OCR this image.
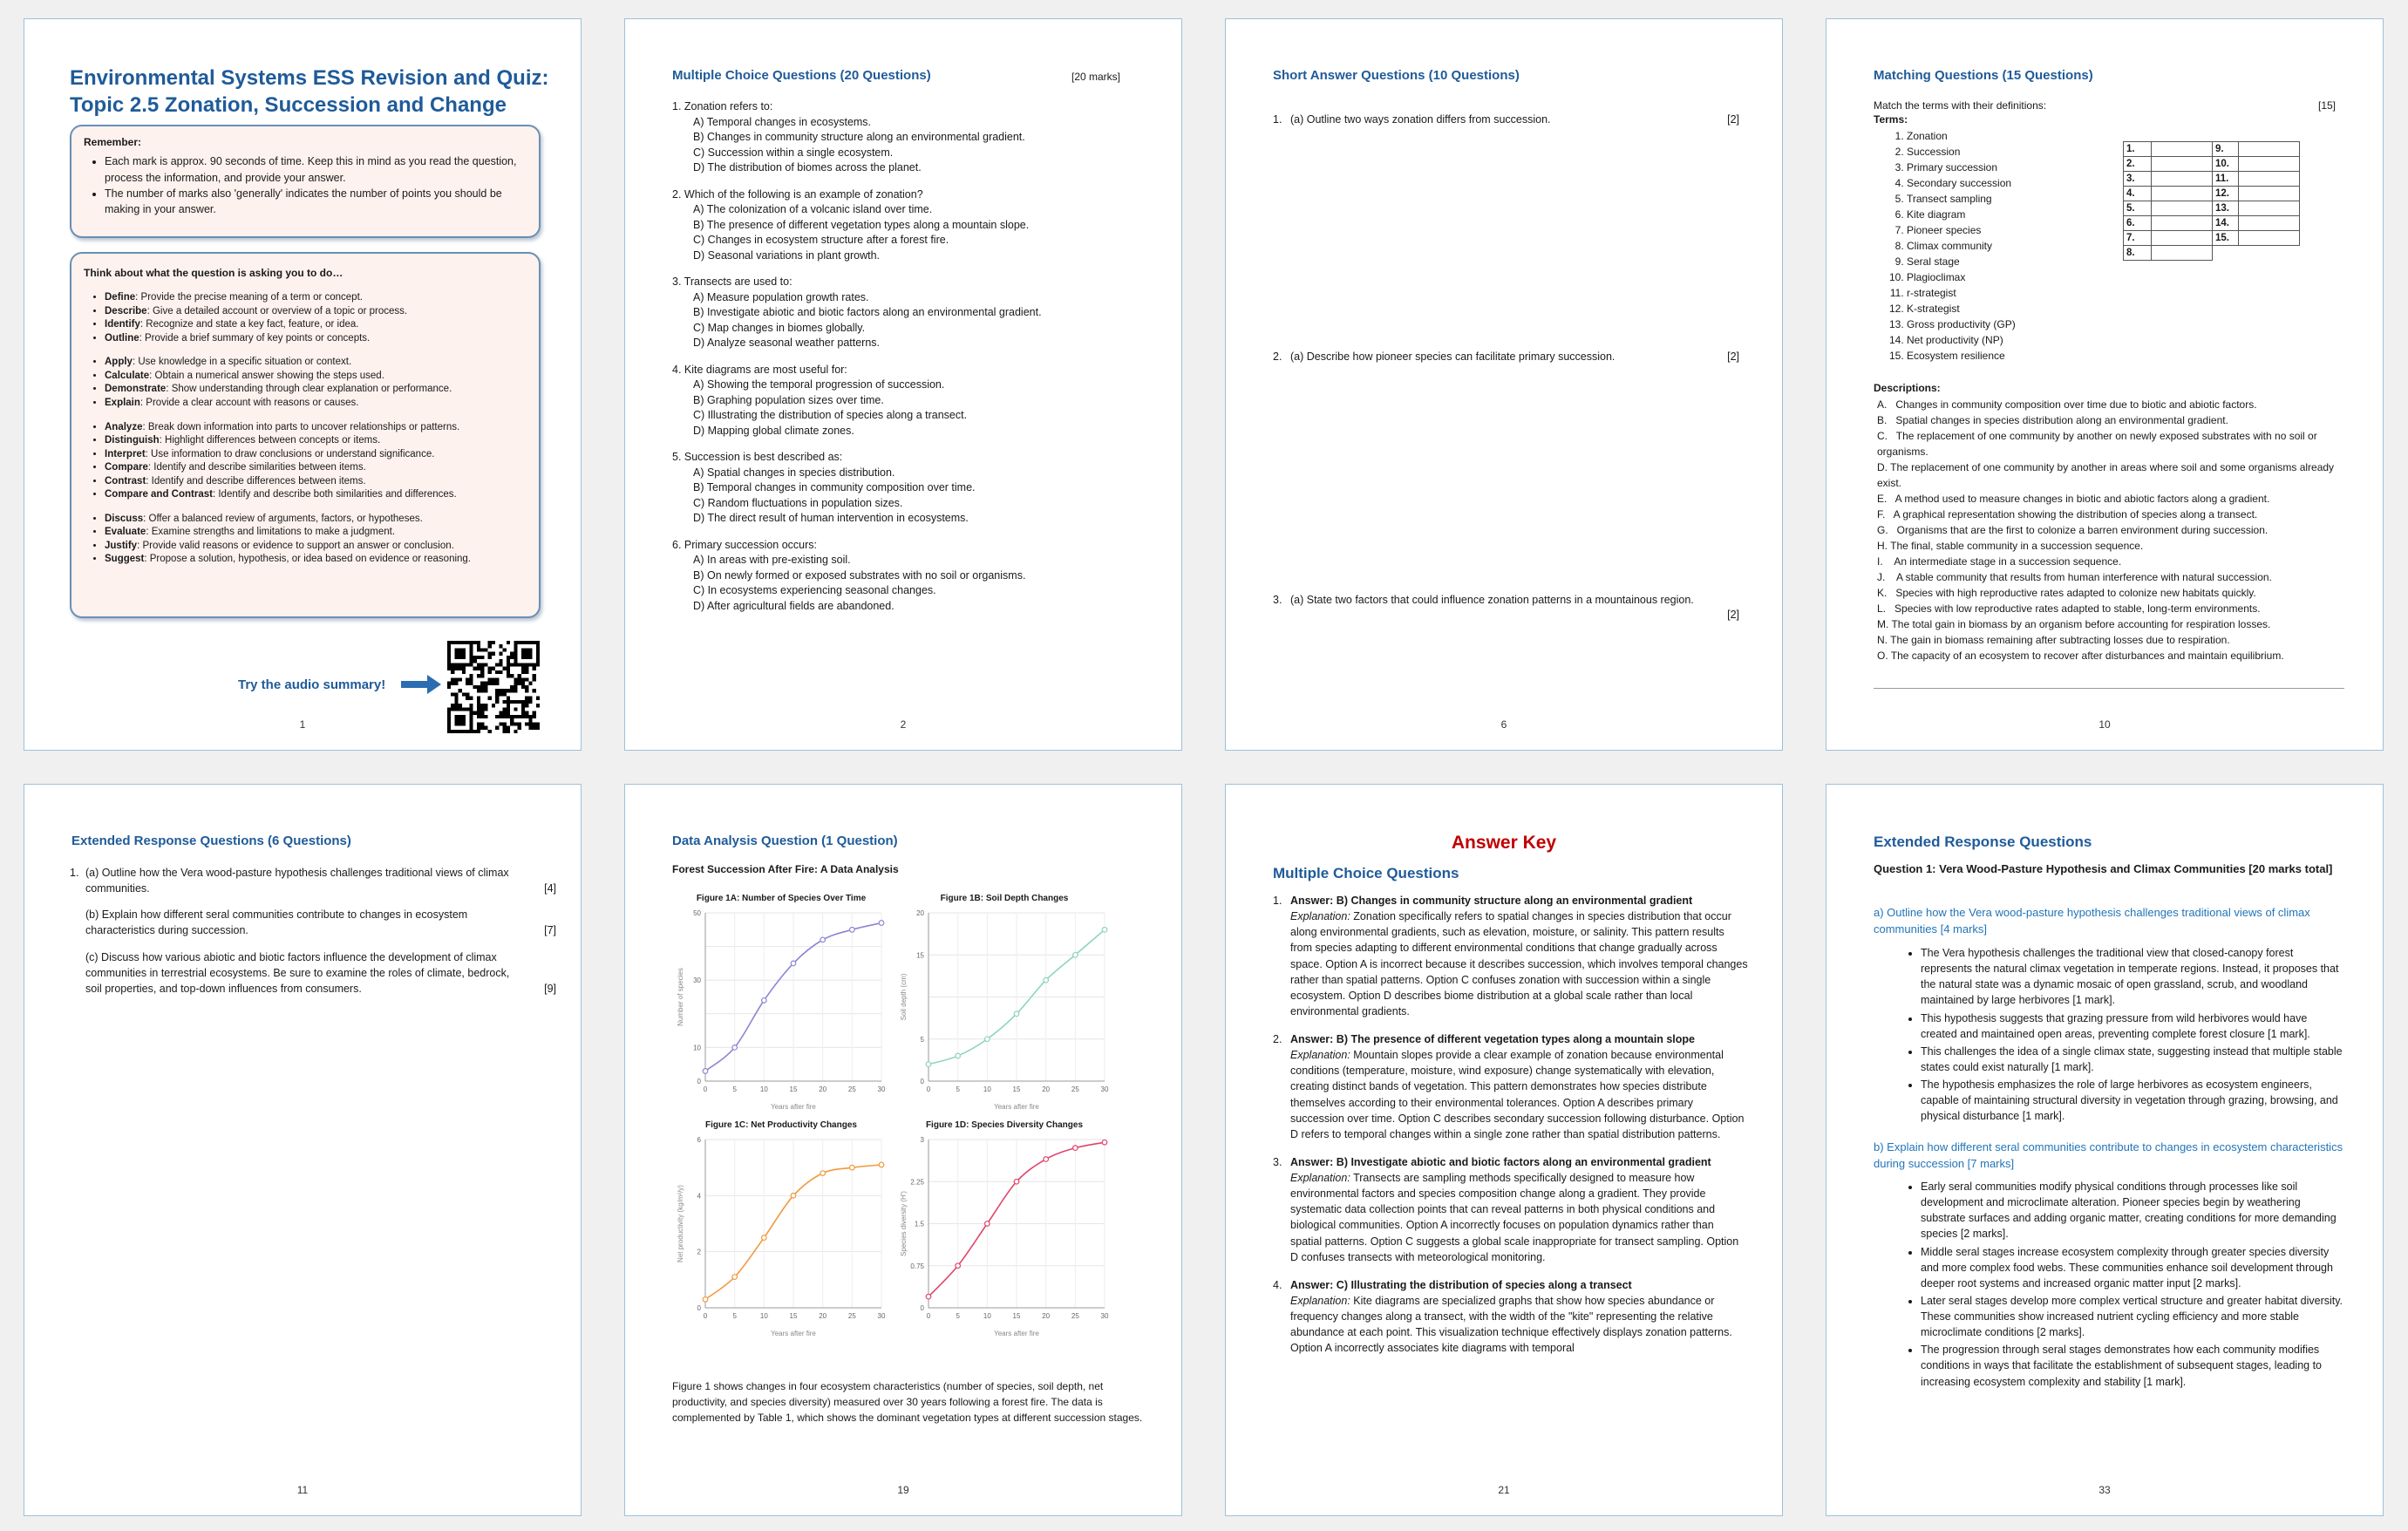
Environmental Systems ESS Revision and Quiz:
Topic 2.5 Zonation, Succession and Change
Remember:
• Each mark is approx. 90 seconds of time. Keep this in mind as you read the question, process the information, and provide your answer.
• The number of marks also 'generally' indicates the number of points you should be making in your answer.
Think about what the question is asking you to do…
• Define: Provide the precise meaning of a term or concept.
• Describe: Give a detailed account or overview of a topic or process.
• Identify: Recognize and state a key fact, feature, or idea.
• Outline: Provide a brief summary of key points or concepts.
• Apply: Use knowledge in a specific situation or context.
• Calculate: Obtain a numerical answer showing the steps used.
• Demonstrate: Show understanding through clear explanation or performance.
• Explain: Provide a clear account with reasons or causes.
• Analyze: Break down information into parts to uncover relationships or patterns.
• Distinguish: Highlight differences between concepts or items.
• Interpret: Use information to draw conclusions or understand significance.
• Compare: Identify and describe similarities between items.
• Contrast: Identify and describe differences between items.
• Compare and Contrast: Identify and describe both similarities and differences.
• Discuss: Offer a balanced review of arguments, factors, or hypotheses.
• Evaluate: Examine strengths and limitations to make a judgment.
• Justify: Provide valid reasons or evidence to support an answer or conclusion.
• Suggest: Propose a solution, hypothesis, or idea based on evidence or reasoning.
Try the audio summary!
1
Multiple Choice Questions (20 Questions)	[20 marks]
1. Zonation refers to:
A) Temporal changes in ecosystems.
B) Changes in community structure along an environmental gradient.
C) Succession within a single ecosystem.
D) The distribution of biomes across the planet.
2. Which of the following is an example of zonation?
A) The colonization of a volcanic island over time.
B) The presence of different vegetation types along a mountain slope.
C) Changes in ecosystem structure after a forest fire.
D) Seasonal variations in plant growth.
3. Transects are used to:
A) Measure population growth rates.
B) Investigate abiotic and biotic factors along an environmental gradient.
C) Map changes in biomes globally.
D) Analyze seasonal weather patterns.
4. Kite diagrams are most useful for:
A) Showing the temporal progression of succession.
B) Graphing population sizes over time.
C) Illustrating the distribution of species along a transect.
D) Mapping global climate zones.
5. Succession is best described as:
A) Spatial changes in species distribution.
B) Temporal changes in community composition over time.
C) Random fluctuations in population sizes.
D) The direct result of human intervention in ecosystems.
6. Primary succession occurs:
A) In areas with pre-existing soil.
B) On newly formed or exposed substrates with no soil or organisms.
C) In ecosystems experiencing seasonal changes.
D) After agricultural fields are abandoned.
2
Short Answer Questions (10 Questions)
1. (a) Outline two ways zonation differs from succession.	[2]
2. (a) Describe how pioneer species can facilitate primary succession.	[2]
3. (a) State two factors that could influence zonation patterns in a mountainous region.
[2]
6
Matching Questions (15 Questions)
Match the terms with their definitions:	[15]
Terms:
1. Zonation
2. Succession
3. Primary succession
4. Secondary succession
5. Transect sampling
6. Kite diagram
7. Pioneer species
8. Climax community
9. Seral stage
10. Plagioclimax
11. r-strategist
12. K-strategist
13. Gross productivity (GP)
14. Net productivity (NP)
15. Ecosystem resilience
1.		9.	
2.		10.	
3.		11.	
4.		12.	
5.		13.	
6.		14.	
7.		15.	
8.			
Descriptions:
A.   Changes in community composition over time due to biotic and abiotic factors.
B.   Spatial changes in species distribution along an environmental gradient.
C.   The replacement of one community by another on newly exposed substrates with no soil or organisms.
D. The replacement of one community by another in areas where soil and some organisms already exist.
E.   A method used to measure changes in biotic and abiotic factors along a gradient.
F.   A graphical representation showing the distribution of species along a transect.
G.   Organisms that are the first to colonize a barren environment during succession.
H. The final, stable community in a succession sequence.
I.    An intermediate stage in a succession sequence.
J.    A stable community that results from human interference with natural succession.
K.   Species with high reproductive rates adapted to colonize new habitats quickly.
L.   Species with low reproductive rates adapted to stable, long-term environments.
M. The total gain in biomass by an organism before accounting for respiration losses.
N. The gain in biomass remaining after subtracting losses due to respiration.
O. The capacity of an ecosystem to recover after disturbances and maintain equilibrium.
10
Extended Response Questions (6 Questions)
1. (a) Outline how the Vera wood-pasture hypothesis challenges traditional views of climax communities.	[4]
(b) Explain how different seral communities contribute to changes in ecosystem characteristics during succession.	[7]
(c) Discuss how various abiotic and biotic factors influence the development of climax communities in terrestrial ecosystems. Be sure to examine the roles of climate, bedrock, soil properties, and top-down influences from consumers.	[9]
11
Data Analysis Question (1 Question)
Forest Succession After Fire: A Data Analysis
Figure 1A: Number of Species Over Time
0
10
30
50
0	5	10	15	20	25	30
Years after fire
Number of species
Figure 1B: Soil Depth Changes
0
5
15
20
0	5	10	15	20	25	30
Years after fire
Soil depth (cm)
Figure 1C: Net Productivity Changes
0
2
4
6
0	5	10	15	20	25	30
Years after fire
Net productivity (kg/m²/y)
Figure 1D: Species Diversity Changes
0
0.75
1.5
2.25
3
0	5	10	15	20	25	30
Years after fire
Species diversity (H')
Figure 1 shows changes in four ecosystem characteristics (number of species, soil depth, net productivity, and species diversity) measured over 30 years following a forest fire. The data is complemented by Table 1, which shows the dominant vegetation types at different succession stages.
19
Answer Key
Multiple Choice Questions
1. Answer: B) Changes in community structure along an environmental gradient
Explanation: Zonation specifically refers to spatial changes in species distribution that occur along environmental gradients, such as elevation, moisture, or salinity. This pattern results from species adapting to different environmental conditions that change gradually across space. Option A is incorrect because it describes succession, which involves temporal changes rather than spatial patterns. Option C confuses zonation with succession within a single ecosystem. Option D describes biome distribution at a global scale rather than local environmental gradients.
2. Answer: B) The presence of different vegetation types along a mountain slope
Explanation: Mountain slopes provide a clear example of zonation because environmental conditions (temperature, moisture, wind exposure) change systematically with elevation, creating distinct bands of vegetation. This pattern demonstrates how species distribute themselves according to their environmental tolerances. Option A describes primary succession over time. Option C describes secondary succession following disturbance. Option D refers to temporal changes within a single zone rather than spatial distribution patterns.
3. Answer: B) Investigate abiotic and biotic factors along an environmental gradient
Explanation: Transects are sampling methods specifically designed to measure how environmental factors and species composition change along a gradient. They provide systematic data collection points that can reveal patterns in both physical conditions and biological communities. Option A incorrectly focuses on population dynamics rather than spatial patterns. Option C suggests a global scale inappropriate for transect sampling. Option D confuses transects with meteorological monitoring.
4. Answer: C) Illustrating the distribution of species along a transect
Explanation: Kite diagrams are specialized graphs that show how species abundance or frequency changes along a transect, with the width of the "kite" representing the relative abundance at each point. This visualization technique effectively displays zonation patterns. Option A incorrectly associates kite diagrams with temporal
21
Extended Response Questions
Question 1: Vera Wood-Pasture Hypothesis and Climax Communities [20 marks total]
a) Outline how the Vera wood-pasture hypothesis challenges traditional views of climax communities [4 marks]
• The Vera hypothesis challenges the traditional view that closed-canopy forest represents the natural climax vegetation in temperate regions. Instead, it proposes that the natural state was a dynamic mosaic of open grassland, scrub, and woodland maintained by large herbivores [1 mark].
• This hypothesis suggests that grazing pressure from wild herbivores would have created and maintained open areas, preventing complete forest closure [1 mark].
• This challenges the idea of a single climax state, suggesting instead that multiple stable states could exist naturally [1 mark].
• The hypothesis emphasizes the role of large herbivores as ecosystem engineers, capable of maintaining structural diversity in vegetation through grazing, browsing, and physical disturbance [1 mark].
b) Explain how different seral communities contribute to changes in ecosystem characteristics during succession [7 marks]
• Early seral communities modify physical conditions through processes like soil development and microclimate alteration. Pioneer species begin by weathering substrate surfaces and adding organic matter, creating conditions for more demanding species [2 marks].
• Middle seral stages increase ecosystem complexity through greater species diversity and more complex food webs. These communities enhance soil development through deeper root systems and increased organic matter input [2 marks].
• Later seral stages develop more complex vertical structure and greater habitat diversity. These communities show increased nutrient cycling efficiency and more stable microclimate conditions [2 marks].
• The progression through seral stages demonstrates how each community modifies conditions in ways that facilitate the establishment of subsequent stages, leading to increasing ecosystem complexity and stability [1 mark].
33
